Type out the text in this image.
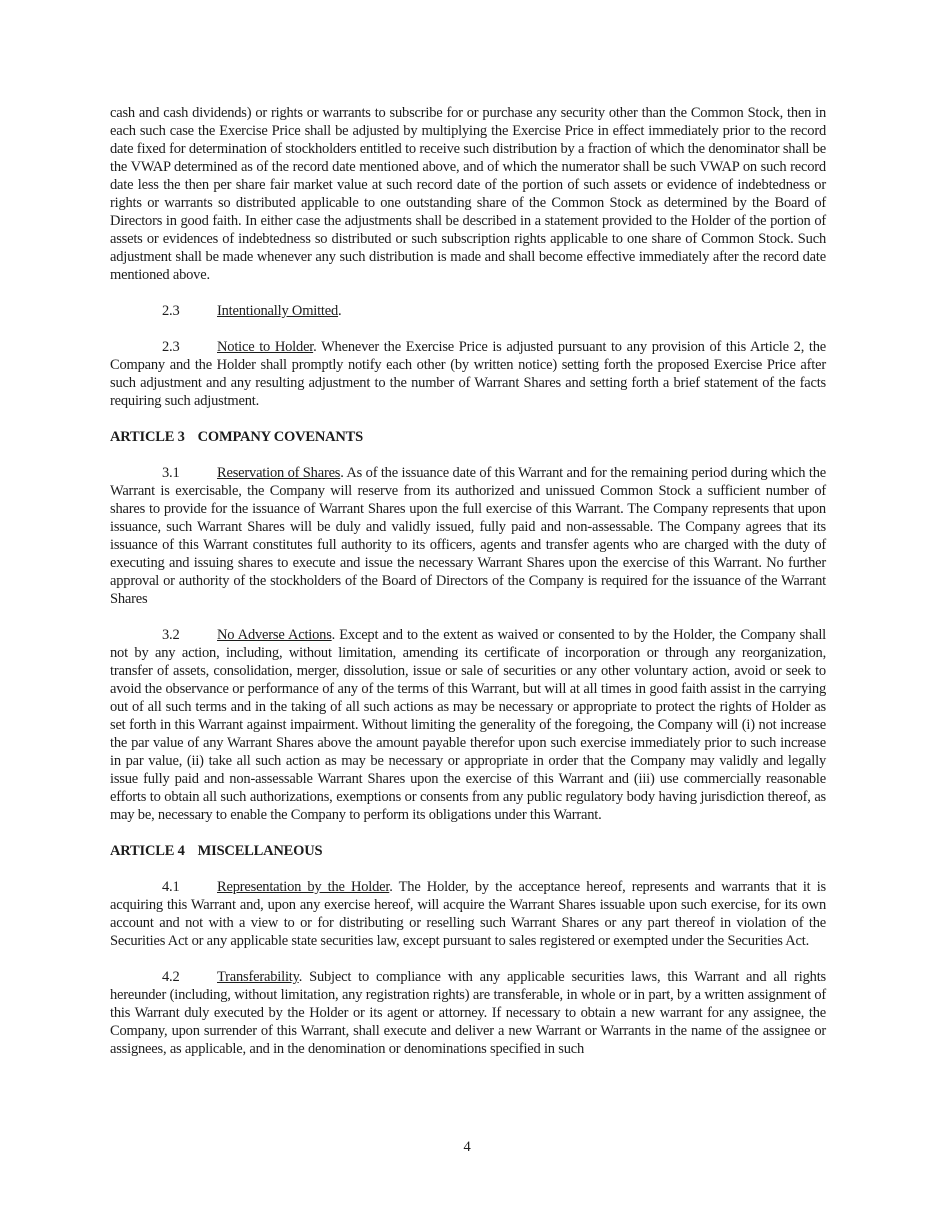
cash and cash dividends) or rights or warrants to subscribe for or purchase any security other than the Common Stock, then in each such case the Exercise Price shall be adjusted by multiplying the Exercise Price in effect immediately prior to the record date fixed for determination of stockholders entitled to receive such distribution by a fraction of which the denominator shall be the VWAP determined as of the record date mentioned above, and of which the numerator shall be such VWAP on such record date less the then per share fair market value at such record date of the portion of such assets or evidence of indebtedness or rights or warrants so distributed applicable to one outstanding share of the Common Stock as determined by the Board of Directors in good faith. In either case the adjustments shall be described in a statement provided to the Holder of the portion of assets or evidences of indebtedness so distributed or such subscription rights applicable to one share of Common Stock. Such adjustment shall be made whenever any such distribution is made and shall become effective immediately after the record date mentioned above.

2.3	Intentionally Omitted.

2.3	Notice to Holder. Whenever the Exercise Price is adjusted pursuant to any provision of this Article 2, the Company and the Holder shall promptly notify each other (by written notice) setting forth the proposed Exercise Price after such adjustment and any resulting adjustment to the number of Warrant Shares and setting forth a brief statement of the facts requiring such adjustment.

ARTICLE 3 COMPANY COVENANTS

3.1	Reservation of Shares. As of the issuance date of this Warrant and for the remaining period during which the Warrant is exercisable, the Company will reserve from its authorized and unissued Common Stock a sufficient number of shares to provide for the issuance of Warrant Shares upon the full exercise of this Warrant. The Company represents that upon issuance, such Warrant Shares will be duly and validly issued, fully paid and non-assessable. The Company agrees that its issuance of this Warrant constitutes full authority to its officers, agents and transfer agents who are charged with the duty of executing and issuing shares to execute and issue the necessary Warrant Shares upon the exercise of this Warrant. No further approval or authority of the stockholders of the Board of Directors of the Company is required for the issuance of the Warrant Shares

3.2	No Adverse Actions. Except and to the extent as waived or consented to by the Holder, the Company shall not by any action, including, without limitation, amending its certificate of incorporation or through any reorganization, transfer of assets, consolidation, merger, dissolution, issue or sale of securities or any other voluntary action, avoid or seek to avoid the observance or performance of any of the terms of this Warrant, but will at all times in good faith assist in the carrying out of all such terms and in the taking of all such actions as may be necessary or appropriate to protect the rights of Holder as set forth in this Warrant against impairment. Without limiting the generality of the foregoing, the Company will (i) not increase the par value of any Warrant Shares above the amount payable therefor upon such exercise immediately prior to such increase in par value, (ii) take all such action as may be necessary or appropriate in order that the Company may validly and legally issue fully paid and non-assessable Warrant Shares upon the exercise of this Warrant and (iii) use commercially reasonable efforts to obtain all such authorizations, exemptions or consents from any public regulatory body having jurisdiction thereof, as may be, necessary to enable the Company to perform its obligations under this Warrant.

ARTICLE 4 MISCELLANEOUS

4.1	Representation by the Holder. The Holder, by the acceptance hereof, represents and warrants that it is acquiring this Warrant and, upon any exercise hereof, will acquire the Warrant Shares issuable upon such exercise, for its own account and not with a view to or for distributing or reselling such Warrant Shares or any part thereof in violation of the Securities Act or any applicable state securities law, except pursuant to sales registered or exempted under the Securities Act.

4.2	Transferability. Subject to compliance with any applicable securities laws, this Warrant and all rights hereunder (including, without limitation, any registration rights) are transferable, in whole or in part, by a written assignment of this Warrant duly executed by the Holder or its agent or attorney. If necessary to obtain a new warrant for any assignee, the Company, upon surrender of this Warrant, shall execute and deliver a new Warrant or Warrants in the name of the assignee or assignees, as applicable, and in the denomination or denominations specified in such

4
